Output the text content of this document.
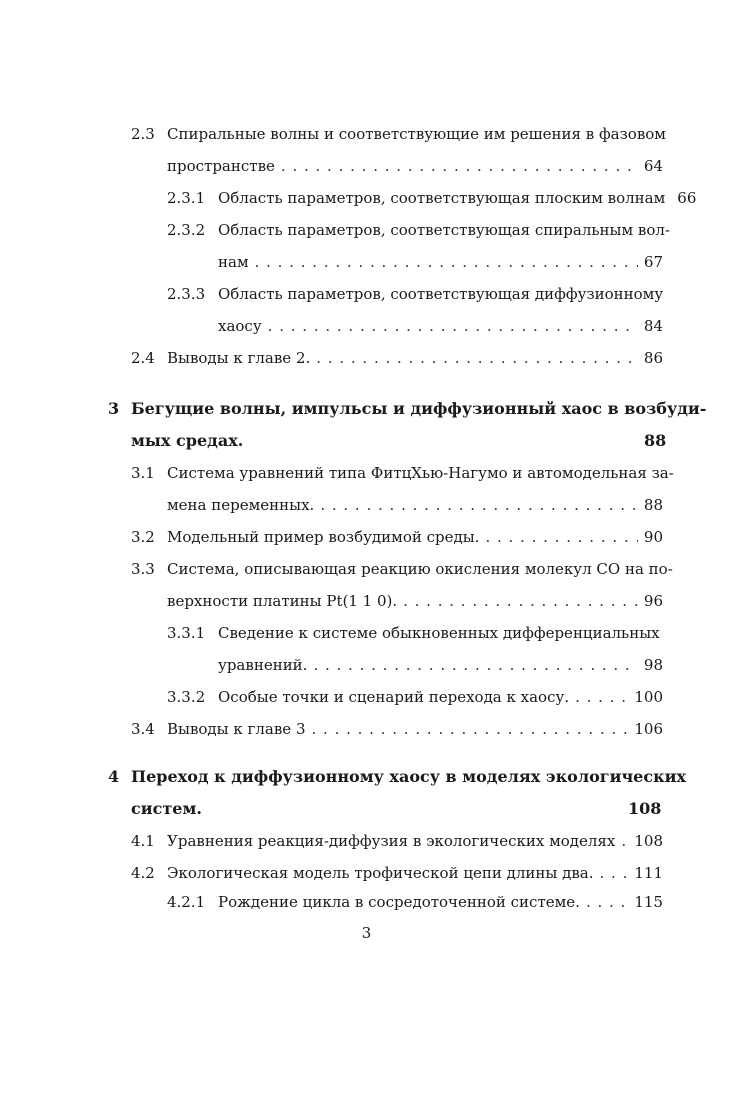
2.3 Спиральные волны и соответствующие им решения в фазовом
пространстве . . .	64
2.3.1 Область параметров, соответствующая плоским волнам 66
2.3.2 Область параметров, соответствующая спиральным вол-
нам . . .	67
2.3.3 Область параметров, соответствующая диффузионному
хаосу . . .	84
2.4 Выводы к главе 2. . . .	86
3 Бегущие волны, импульсы и диффузионный хаос в возбуди-
мых средах.	88
3.1 Система уравнений типа ФитцХью-Нагумо и автомодельная за-
мена переменных. . . .	88
3.2 Модельный пример возбудимой среды. . . .	90
3.3 Система, описывающая реакцию окисления молекул СО на по-
верхности платины Pt(1 1 0). . . .	96
3.3.1 Сведение к системе обыкновенных дифференциальных
уравнений. . . .	98
3.3.2 Особые точки и сценарий перехода к хаосу. . . .	100
3.4 Выводы к главе 3 . . .	106
4 Переход к диффузионному хаосу в моделях экологических
систем.	108
4.1 Уравнения реакция-диффузия в экологических моделях . . . 108
4.2 Экологическая модель трофической цепи длины два. . . .	111
4.2.1 Рождение цикла в сосредоточенной системе. . . .	115
3
